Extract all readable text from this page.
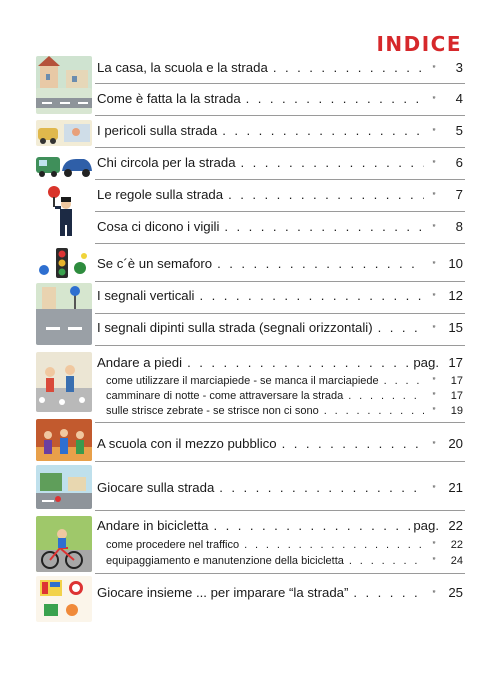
INDICE
La casa, la scuola e la strada . . .	”	3
Come è fatta la la strada . . .	”	4
I pericoli sulla strada . . .	”	5
Chi circola per la strada . . .	”	6
Le regole sulla strada . . .	”	7
Cosa ci dicono i vigili . . .	”	8
Se c´è un semaforo . . .	” 10
I segnali verticali . . .	” 12
I segnali dipinti sulla strada (segnali orizzontali) . . .	” 15
Andare a piedi . . .	pag. 17
come utilizzare il marciapiede - se manca il marciapiede . . .	”	17
camminare di notte - come attraversare la strada . . .	”	17
sulle strisce zebrate - se strisce non ci sono . . .	”	19
A scuola con il mezzo pubblico . . .	” 20
Giocare sulla strada . . .	” 21
Andare in bicicletta . . .	pag. 22
come procedere nel traffico . . .	”	22
equipaggiamento e manutenzione della bicicletta . . .	”	24
Giocare insieme ... per imparare “la strada” . . .	” 25
